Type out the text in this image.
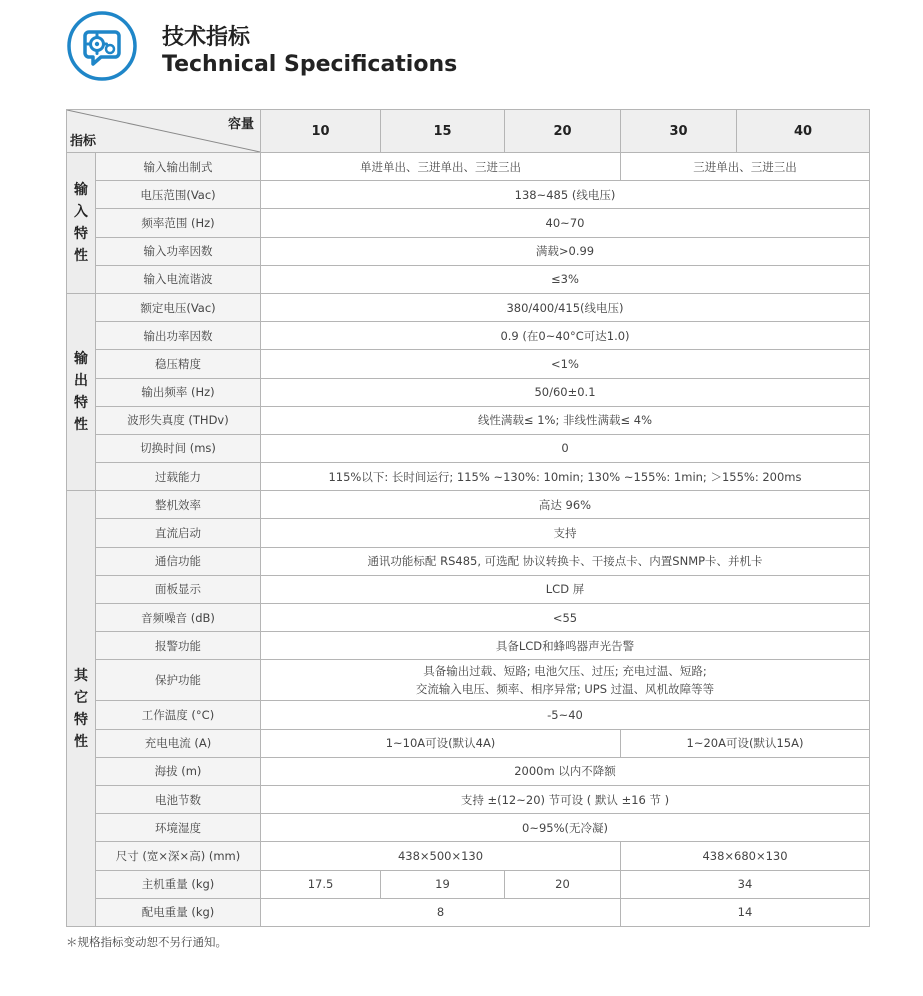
技术指标
Technical Specifications
容量
指标		10	15	20	30	40
输
入
特
性	输入输出制式	单进单出、三进单出、三进三出			三进单出、三进三出	
	电压范围(Vac)	138~485 (线电压)				
	频率范围 (Hz)	40~70				
	输入功率因数	满载>0.99				
	输入电流谐波	≤3%				
输
出
特
性	额定电压(Vac)	380/400/415(线电压)				
	输出功率因数	0.9 (在0~40°C可达1.0)				
	稳压精度	<1%				
	输出频率 (Hz)	50/60±0.1				
	波形失真度 (THDv)	线性满载≤ 1%; 非线性满载≤ 4%				
	切换时间 (ms)	0				
	过载能力	115%以下: 长时间运行; 115% ~130%: 10min; 130% ~155%: 1min; ＞155%: 200ms				
其
它
特
性	整机效率	高达 96%				
	直流启动	支持				
	通信功能	通讯功能标配 RS485, 可选配 协议转换卡、干接点卡、内置SNMP卡、并机卡				
	面板显示	LCD 屏				
	音频噪音 (dB)	<55				
	报警功能	具备LCD和蜂鸣器声光告警				
	保护功能	具备输出过载、短路; 电池欠压、过压; 充电过温、短路;
交流输入电压、频率、相序异常; UPS 过温、风机故障等等				

	工作温度 (°C)	-5~40				
	充电电流 (A)	1~10A可设(默认4A)			1~20A可设(默认15A)	
	海拔 (m)	2000m 以内不降额				
	电池节数	支持 ±(12~20) 节可设 ( 默认 ±16 节 )				
	环境湿度	0~95%(无冷凝)				
	尺寸 (宽×深×高) (mm)	438×500×130			438×680×130	
	主机重量 (kg)	17.5	19	20	34	
	配电重量 (kg)	8			14	
＊规格指标变动恕不另行通知。
